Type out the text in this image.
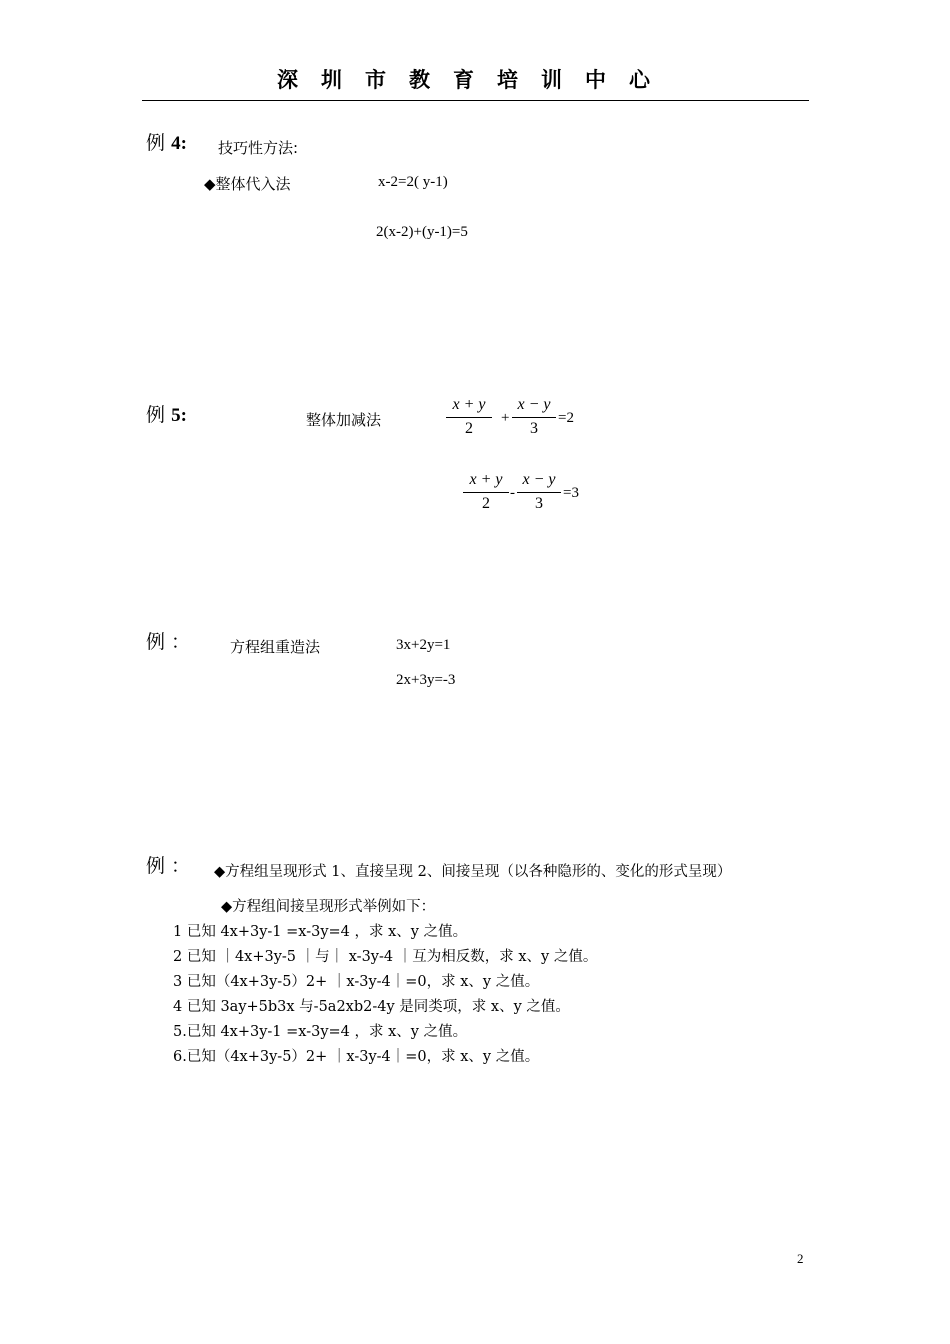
深圳市教育培训中心
例 4: 技巧性方法:
◆整体代入法	x-2=2( y-1)
2(x-2)+(y-1)=5
例 5:	整体加减法
x + y
2
+
x − y
3
=2
x + y
2
-
x − y
3
=3
例 ：	方程组重造法	3x+2y=1
2x+3y=-3
例 ： ◆方程组呈现形式 1、直接呈现 2、间接呈现（以各种隐形的、变化的形式呈现）
◆方程组间接呈现形式举例如下：
1 已知 4x+3y-1 =x-3y=4 ，求 x、y 之值。
2 已知 ｜4x+3y-5 ｜与｜ x-3y-4 ｜互为相反数，求 x、y 之值。
3 已知（4x+3y-5）2+ ｜x-3y-4｜=0，求 x、y 之值。
4 已知 3ay+5b3x 与-5a2xb2-4y 是同类项，求 x、y 之值。
5.已知 4x+3y-1 =x-3y=4 ，求 x、y 之值。
6.已知（4x+3y-5）2+ ｜x-3y-4｜=0，求 x、y 之值。
2
